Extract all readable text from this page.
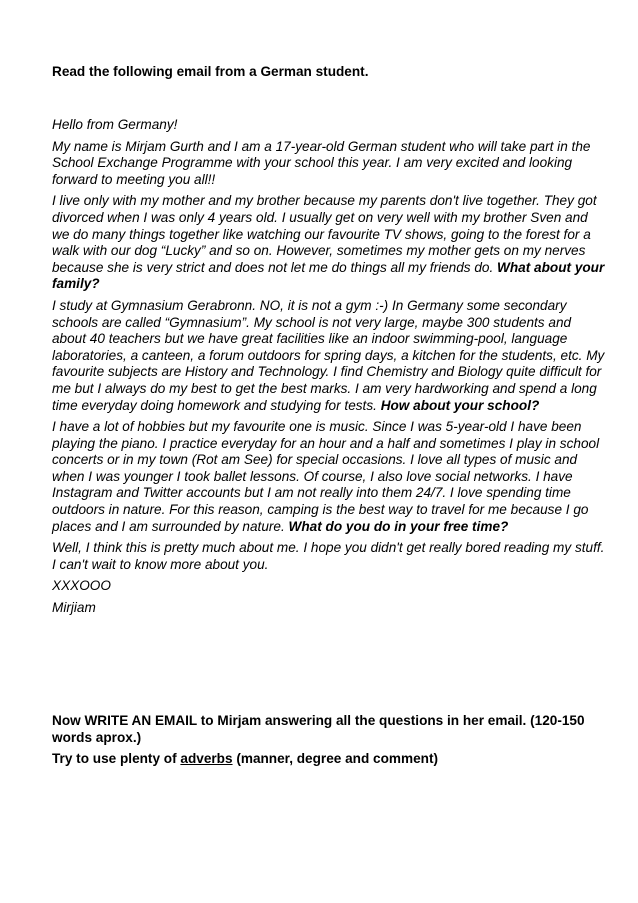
Read the following email from a German student.

Hello from Germany!

My name is Mirjam Gurth and I am a 17-year-old German student who will take part in the School Exchange Programme with your school this year. I am very excited and looking forward to meeting you all!!

I live only with my mother and my brother because my parents don't live together. They got divorced when I was only 4 years old. I usually get on very well with my brother Sven and we do many things together like watching our favourite TV shows, going to the forest for a walk with our dog “Lucky” and so on. However, sometimes my mother gets on my nerves because she is very strict and does not let me do things all my friends do. What about your family?

I study at Gymnasium Gerabronn. NO, it is not a gym :-) In Germany some secondary schools are called “Gymnasium”. My school is not very large, maybe 300 students and about 40 teachers but we have great facilities like an indoor swimming-pool, language laboratories, a canteen, a forum outdoors for spring days, a kitchen for the students, etc. My favourite subjects are History and Technology. I find Chemistry and Biology quite difficult for me but I always do my best to get the best marks. I am very hardworking and spend a long time everyday doing homework and studying for tests. How about your school?

I have a lot of hobbies but my favourite one is music. Since I was 5-year-old I have been playing the piano. I practice everyday for an hour and a half and sometimes I play in school concerts or in my town (Rot am See) for special occasions. I love all types of music and when I was younger I took ballet lessons. Of course, I also love social networks. I have Instagram and Twitter accounts but I am not really into them 24/7. I love spending time outdoors in nature. For this reason, camping is the best way to travel for me because I go places and I am surrounded by nature. What do you do in your free time?

Well, I think this is pretty much about me. I hope you didn't get really bored reading my stuff. I can't wait to know more about you.

XXXOOO

Mirjiam

Now WRITE AN EMAIL to Mirjam answering all the questions in her email. (120-150 words aprox.)

Try to use plenty of adverbs (manner, degree and comment)
